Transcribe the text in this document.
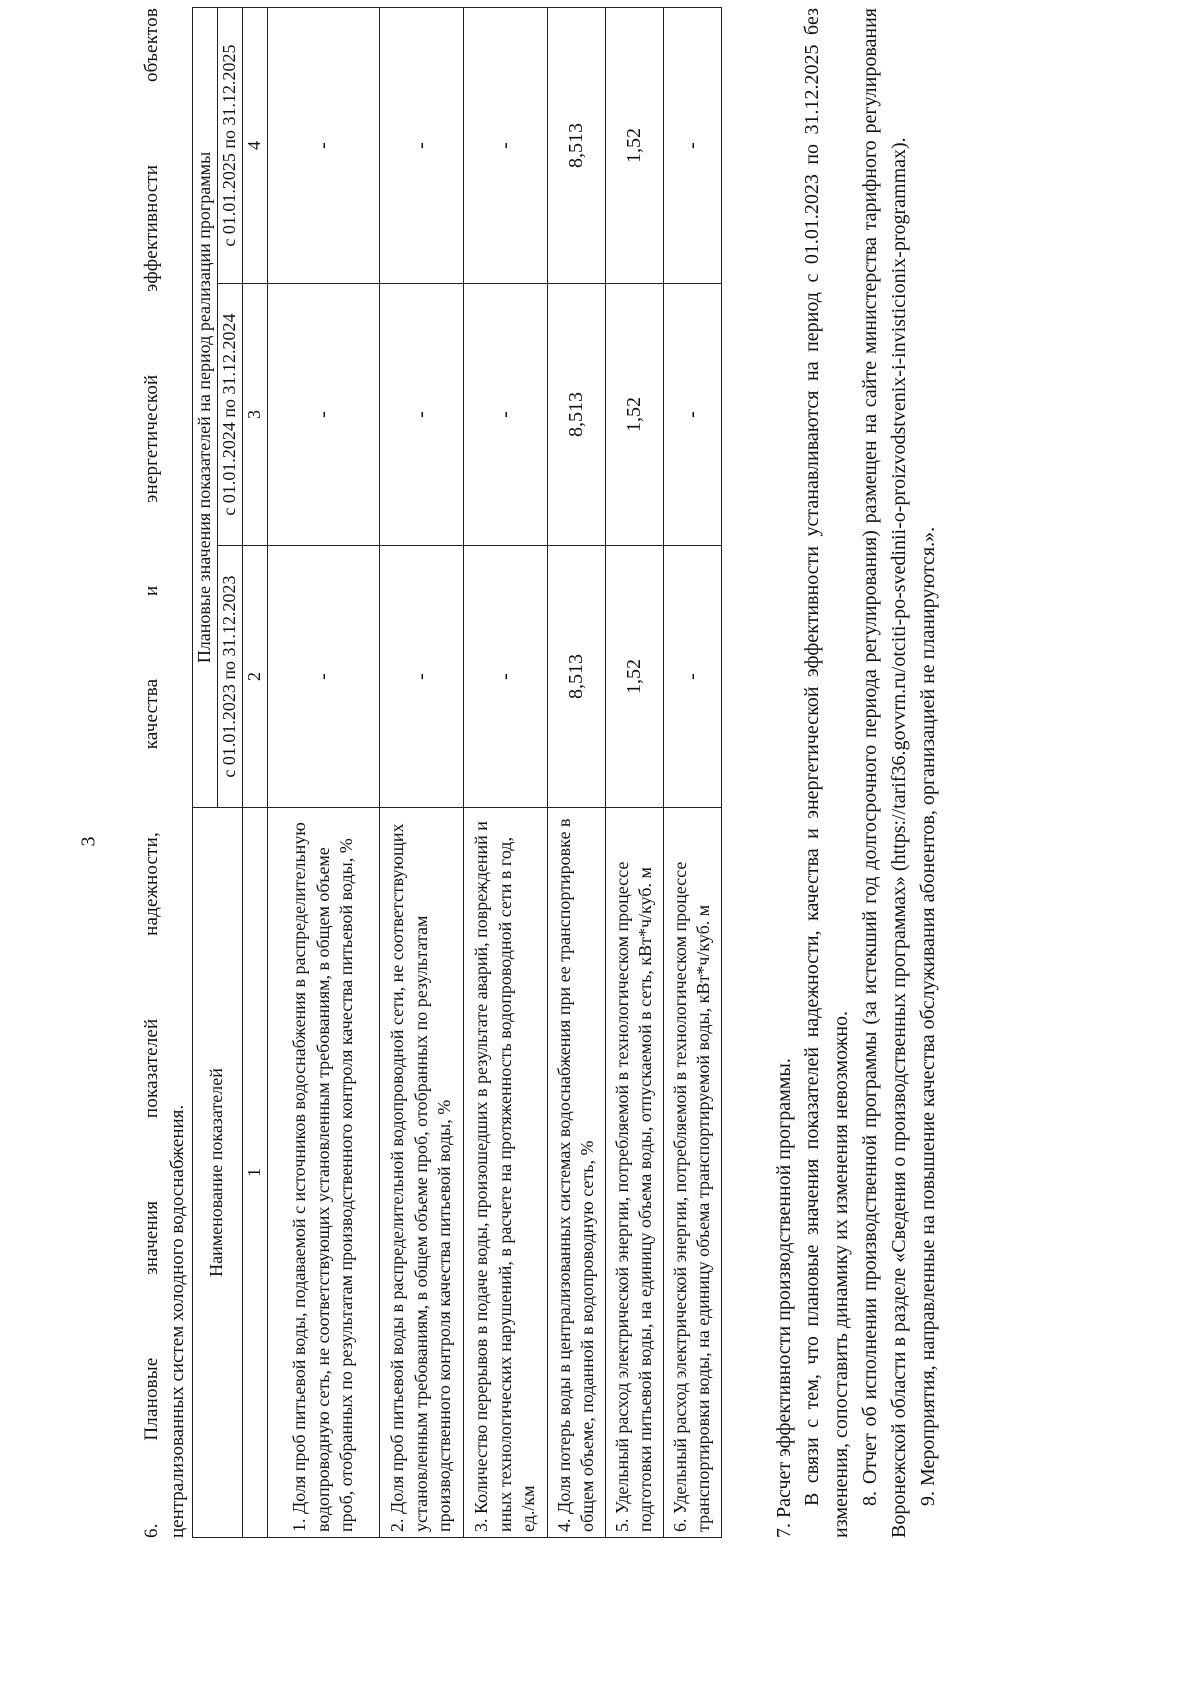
3 6. Плановые значения показателей надежности, качества и энергетической эффективности объектов централизованных систем холодного водоснабжения. Наименование показателей	Плановые значения показателей на период реализации программы		
	с 01.01.2023 по 31.12.2023	с 01.01.2024 по 31.12.2024	с 01.01.2025 по 31.12.2025
1	2	3	4
1. Доля проб питьевой воды, подаваемой с источников водоснабжения в распределительную водопроводную сеть, не соответствующих установленным требованиям, в общем объеме проб, отобранных по результатам производственного контроля качества питьевой воды, %	-	-	-
2. Доля проб питьевой воды в распределительной водопроводной сети, не соответствующих установленным требованиям, в общем объеме проб, отобранных по результатам производственного контроля качества питьевой воды, %	-	-	-
3. Количество перерывов в подаче воды, произошедших в результате аварий, повреждений и иных технологических нарушений, в расчете на протяженность водопроводной сети в год, ед./км	-	-	-
4. Доля потерь воды в централизованных системах водоснабжения при ее транспортировке в общем объеме, поданной в водопроводную сеть, %	8,513	8,513	8,513
5. Удельный расход электрической энергии, потребляемой в технологическом процессе подготовки питьевой воды, на единицу объема воды, отпускаемой в сеть, кВт*ч/куб. м	1,52	1,52	1,52
6. Удельный расход электрической энергии, потребляемой в технологическом процессе транспортировки воды, на единицу объема транспортируемой воды, кВт*ч/куб. м	-	-	-
7. Расчет эффективности производственной программы. В связи с тем, что плановые значения показателей надежности, качества и энергетической эффективности устанавливаются на период с 01.01.2023 по 31.12.2025 без изменения, сопоставить динамику их изменения невозможно. 8. Отчет об исполнении производственной программы (за истекший год долгосрочного периода регулирования) размещен на сайте министерства тарифного регулирования Воронежской области в разделе «Сведения о производственных программах» (https://tarif36.govvrn.ru/otciti-po-svedinii-o-proizvodstvenix-i-invisticionix-programmax). 9. Мероприятия, направленные на повышение качества обслуживания абонентов, организацией не планируются.».
